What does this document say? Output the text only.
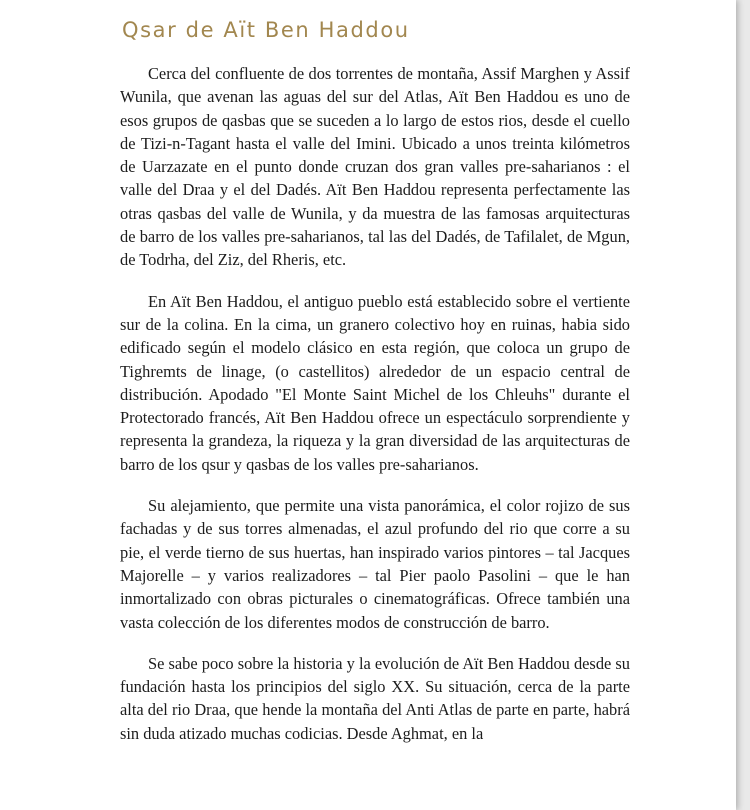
Qsar de Aït Ben Haddou

Cerca del confluente de dos torrentes de montaña, Assif Marghen y Assif Wunila, que avenan las aguas del sur del Atlas, Aït Ben Haddou es uno de esos grupos de qasbas que se suceden a lo largo de estos rios, desde el cuello de Tizi-n-Tagant hasta el valle del Imini. Ubicado a unos treinta kilómetros de Uarzazate en el punto donde cruzan dos gran valles pre-saharianos : el valle del Draa y el del Dadés. Aït Ben Haddou representa perfectamente las otras qasbas del valle de Wunila, y da muestra de las famosas arquitecturas de barro de los valles pre-saharianos, tal las del Dadés, de Tafilalet, de Mgun, de Todrha, del Ziz, del Rheris, etc.

En Aït Ben Haddou, el antiguo pueblo está establecido sobre el vertiente sur de la colina. En la cima, un granero colectivo hoy en ruinas, habia sido edificado según el modelo clásico en esta región, que coloca un grupo de Tighremts de linage, (o castellitos) alrededor de un espacio central de distribución. Apodado "El Monte Saint Michel de los Chleuhs" durante el Protectorado francés, Aït Ben Haddou ofrece un espectáculo sorprendiente y representa la grandeza, la riqueza y la gran diversidad de las arquitecturas de barro de los qsur y qasbas de los valles pre-saharianos.

Su alejamiento, que permite una vista panorámica, el color rojizo de sus fachadas y de sus torres almenadas, el azul profundo del rio que corre a su pie, el verde tierno de sus huertas, han inspirado varios pintores – tal Jacques Majorelle – y varios realizadores – tal Pier paolo Pasolini – que le han inmortalizado con obras picturales o cinematográficas. Ofrece también una vasta colección de los diferentes modos de construcción de barro.

Se sabe poco sobre la historia y la evolución de Aït Ben Haddou desde su fundación hasta los principios del siglo XX. Su situación, cerca de la parte alta del rio Draa, que hende la montaña del Anti Atlas de parte en parte, habrá sin duda atizado muchas codicias. Desde Aghmat, en la
